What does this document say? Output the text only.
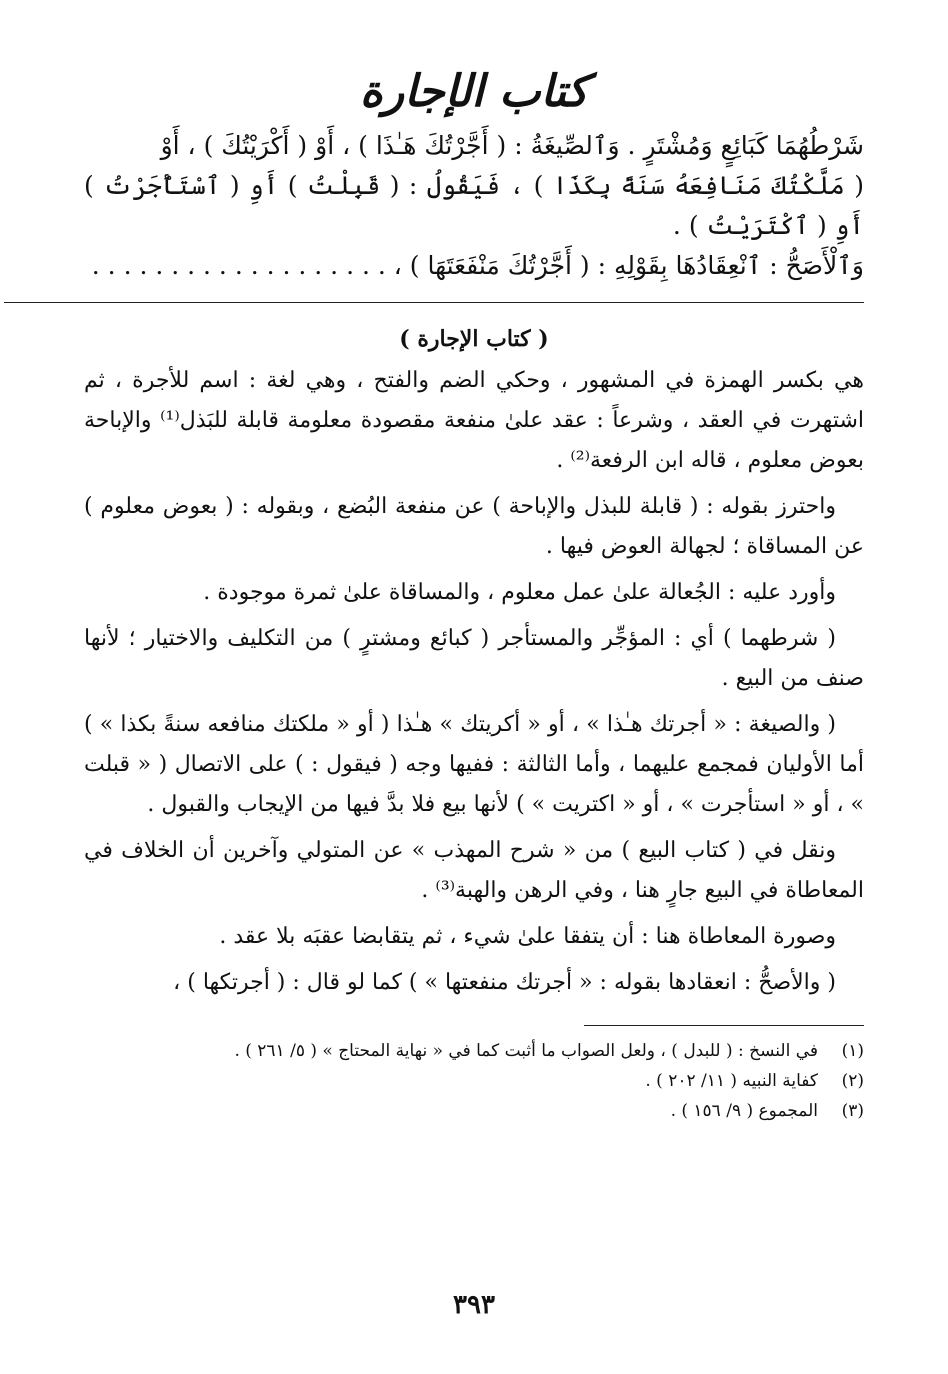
كتاب الإجارة

شَرْطُهُمَا كَبَائِعٍ وَمُشْتَرٍ . وَٱلصِّيغَةُ : ( أَجَّرْتُكَ هَـٰذَا ) ، أَوْ ( أَكْرَيْتُكَ ) ، أَوْ

( مَلَّكْتُكَ مَنَافِعَهُ سَنَةً بِكَذَا ) ، فَيَقُولُ : ( قَبِلْتُ ) أَوِ ( ٱسْتَأْجَرْتُ ) أَوِ ( ٱكْتَرَيْتُ ) .

وَٱلْأَصَحُّ : ٱنْعِقَادُهَا بِقَوْلِهِ : ( أَجَّرْتُكَ مَنْفَعَتَهَا ) ، . . . . . . . . . . . . . . . . . . .

( كتاب الإجارة )

هي بكسر الهمزة في المشهور ، وحكي الضم والفتح ، وهي لغة : اسم للأجرة ، ثم اشتهرت في العقد ، وشرعاً : عقد علىٰ منفعة مقصودة معلومة قابلة للبَذل⁽¹⁾ والإباحة بعوض معلوم ، قاله ابن الرفعة⁽²⁾ .

واحترز بقوله : ( قابلة للبذل والإباحة ) عن منفعة البُضع ، وبقوله : ( بعوض معلوم ) عن المساقاة ؛ لجهالة العوض فيها .

وأورد عليه : الجُعالة علىٰ عمل معلوم ، والمساقاة علىٰ ثمرة موجودة .

( شرطهما ) أي : المؤجِّر والمستأجر ( كبائع ومشترٍ ) من التكليف والاختيار ؛ لأنها صنف من البيع .

( والصيغة : « أجرتك هـٰذا » ، أو « أكريتك » هـٰذا ( أو « ملكتك منافعه سنةً بكذا » ) أما الأوليان فمجمع عليهما ، وأما الثالثة : ففيها وجه ( فيقول : ) على الاتصال ( « قبلت » ، أو « استأجرت » ، أو « اكتريت » ) لأنها بيع فلا بدَّ فيها من الإيجاب والقبول .

ونقل في ( كتاب البيع ) من « شرح المهذب » عن المتولي وآخرين أن الخلاف في المعاطاة في البيع جارٍ هنا ، وفي الرهن والهبة⁽³⁾ .

وصورة المعاطاة هنا : أن يتفقا علىٰ شيء ، ثم يتقابضا عقبَه بلا عقد .

( والأصحُّ : انعقادها بقوله : « أجرتك منفعتها » ) كما لو قال : ( أجرتكها ) ،

(١)
في النسخ : ( للبدل ) ، ولعل الصواب ما أثبت كما في « نهاية المحتاج » ( ٥/ ٢٦١ ) .
(٢)
كفاية النبيه ( ١١/ ٢٠٢ ) .
(٣)
المجموع ( ٩/ ١٥٦ ) .
٣٩٣
